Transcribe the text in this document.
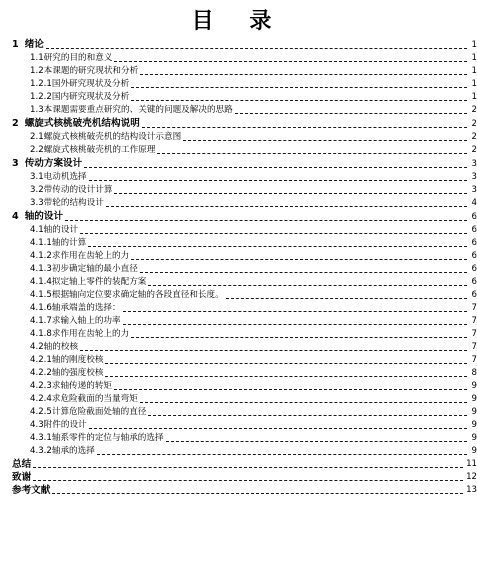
目 录
1 绪论	1
1.1研究的目的和意义	1
1.2本课题的研究现状和分析	1
1.2.1国外研究现状及分析	1
1.2.2国内研究现状及分析	1
1.3本课题需要重点研究的、关键的问题及解决的思路	2
2 螺旋式核桃破壳机结构说明	2
2.1螺旋式核桃破壳机的结构设计示意图	2
2.2螺旋式核桃破壳机的工作原理	2
3 传动方案设计	3
3.1电动机选择	3
3.2带传动的设计计算	3
3.3带轮的结构设计	4
4 轴的设计	6
4.1轴的设计	6
4.1.1轴的计算	6
4.1.2求作用在齿轮上的力	6
4.1.3初步确定轴的最小直径	6
4.1.4拟定轴上零件的装配方案	6
4.1.5根据轴向定位要求确定轴的各段直径和长度。	6
4.1.6轴承端盖的选择：	7
4.1.7求输入轴上的功率	7
4.1.8求作用在齿轮上的力	7
4.2轴的校核	7
4.2.1轴的刚度校核	7
4.2.2轴的强度校核	8
4.2.3求轴传递的转矩	9
4.2.4求危险截面的当量弯矩	9
4.2.5计算危险截面处轴的直径	9
4.3附件的设计	9
4.3.1轴系零件的定位与轴承的选择	9
4.3.2轴承的选择	9
总结	11
致谢	12
参考文献	13
